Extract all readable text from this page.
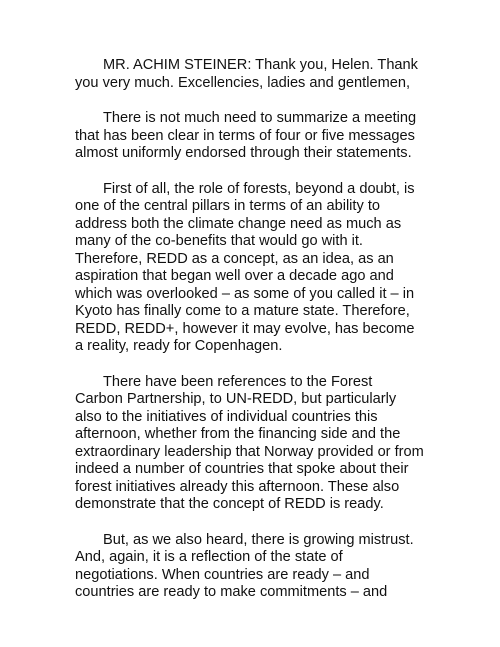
MR. ACHIM STEINER: Thank you, Helen. Thank
you very much. Excellencies, ladies and gentlemen,
There is not much need to summarize a meeting
that has been clear in terms of four or five messages
almost uniformly endorsed through their statements.
First of all, the role of forests, beyond a doubt, is
one of the central pillars in terms of an ability to
address both the climate change need as much as
many of the co-benefits that would go with it.
Therefore, REDD as a concept, as an idea, as an
aspiration that began well over a decade ago and
which was overlooked – as some of you called it – in
Kyoto has finally come to a mature state. Therefore,
REDD, REDD+, however it may evolve, has become
a reality, ready for Copenhagen.
There have been references to the Forest
Carbon Partnership, to UN-REDD, but particularly
also to the initiatives of individual countries this
afternoon, whether from the financing side and the
extraordinary leadership that Norway provided or from
indeed a number of countries that spoke about their
forest initiatives already this afternoon. These also
demonstrate that the concept of REDD is ready.
But, as we also heard, there is growing mistrust.
And, again, it is a reflection of the state of
negotiations. When countries are ready – and
countries are ready to make commitments – and
